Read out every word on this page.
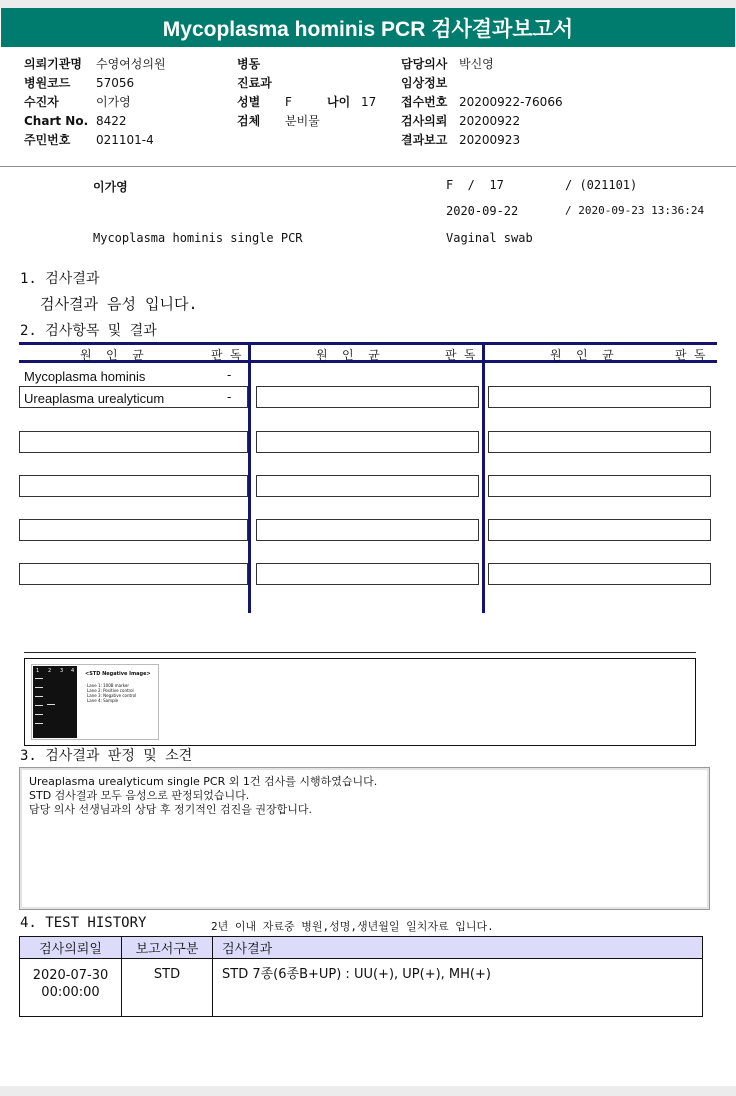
Mycoplasma hominis PCR 검사결과보고서
의뢰기관명 수영여성의원
병원코드 57056
수진자	이가영
Chart No. 8422
주민번호 021101-4
병동
진료과
성별 F	나이 17
검체 분비물
담당의사 박신영
임상정보
접수번호 20200922-76066
검사의뢰 20200922
결과보고 20200923
이가영	F  /  17	/ (021101)
2020-09-22	/ 2020-09-23 13:36:24
Mycoplasma hominis single PCR	Vaginal swab
1. 검사결과
검사결과 음성 입니다.
2. 검사항목 및 결과
원  인  균	판 독	원  인  균	판 독	원  인  균	판 독
Mycoplasma hominis	-
Ureaplasma urealyticum	-
1 2 3 4 <STD Negative Image>
Lane 1: 100B marker
Lane 2: Positive control
Lane 3: Negative control
Lane 4: Sample
3. 검사결과 판정 및 소견
Ureaplasma urealyticum single PCR 외 1건 검사를 시행하였습니다.
STD 검사결과 모두 음성으로 판정되었습니다.
담당 의사 선생님과의 상담 후 정기적인 검진을 권장합니다.
4. TEST HISTORY	2년 이내 자료중 병원,성명,생년월일 일치자료 입니다.
검사의뢰일	보고서구분	검사결과

2020-07-30
00:00:00	STD	STD 7종(6종B+UP) : UU(+), UP(+), MH(+)
